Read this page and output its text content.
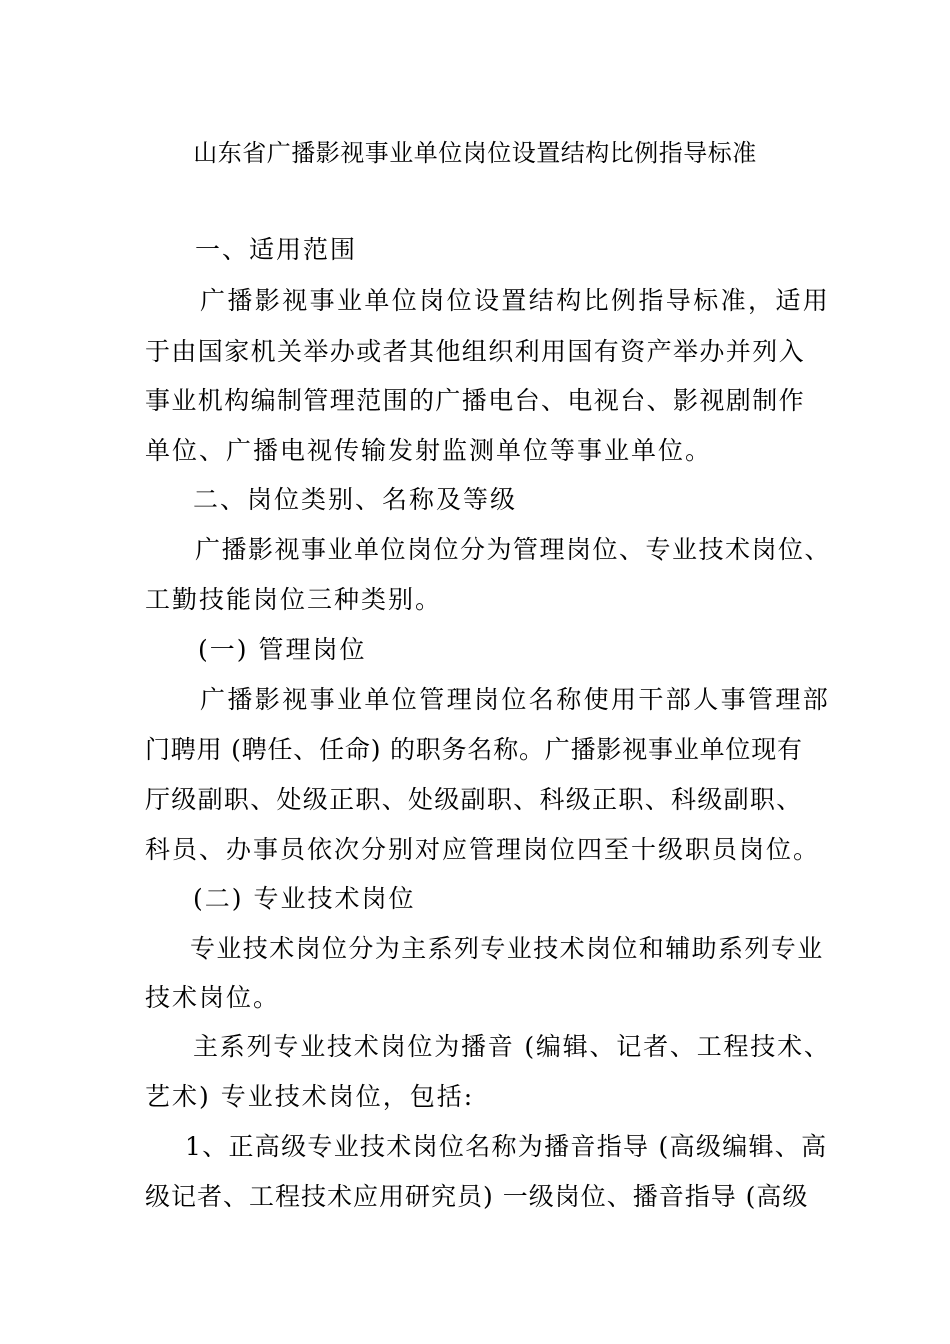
山东省广播影视事业单位岗位设置结构比例指导标准
一、适用范围
广播影视事业单位岗位设置结构比例指导标准，适用
于由国家机关举办或者其他组织利用国有资产举办并列入
事业机构编制管理范围的广播电台、电视台、影视剧制作
单位、广播电视传输发射监测单位等事业单位。
二、岗位类别、名称及等级
广播影视事业单位岗位分为管理岗位、专业技术岗位、
工勤技能岗位三种类别。
(一) 管理岗位
广播影视事业单位管理岗位名称使用干部人事管理部
门聘用 (聘任、任命) 的职务名称。广播影视事业单位现有
厅级副职、处级正职、处级副职、科级正职、科级副职、
科员、办事员依次分别对应管理岗位四至十级职员岗位。
(二) 专业技术岗位
专业技术岗位分为主系列专业技术岗位和辅助系列专业
技术岗位。
主系列专业技术岗位为播音 (编辑、记者、工程技术、
艺术) 专业技术岗位，包括:
1、正高级专业技术岗位名称为播音指导 (高级编辑、高
级记者、工程技术应用研究员) 一级岗位、播音指导 (高级
